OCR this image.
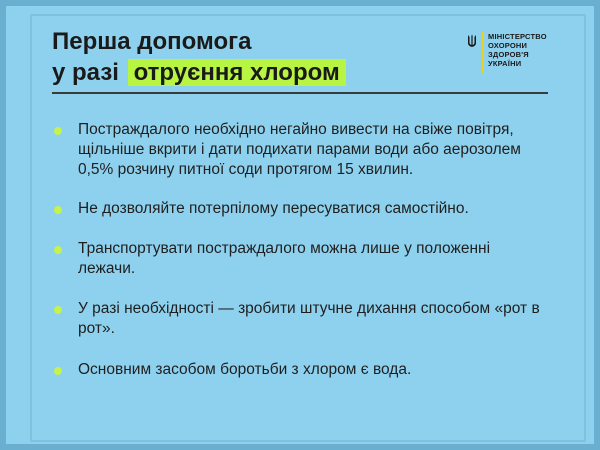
Перша допомога
у разі отруєння хлором
МІНІСТЕРСТВО
ОХОРОНИ
ЗДОРОВ'Я
УКРАЇНИ
Постраждалого необхідно негайно вивести на свіже повітря, щільніше вкрити і дати подихати парами води або аерозолем 0,5% розчину питної соди протягом 15 хвилин.
Не дозволяйте потерпілому пересуватися самостійно.
Транспортувати постраждалого можна лише у положенні лежачи.
У разі необхідності — зробити штучне дихання способом «рот в рот».
Основним засобом боротьби з хлором є вода.
